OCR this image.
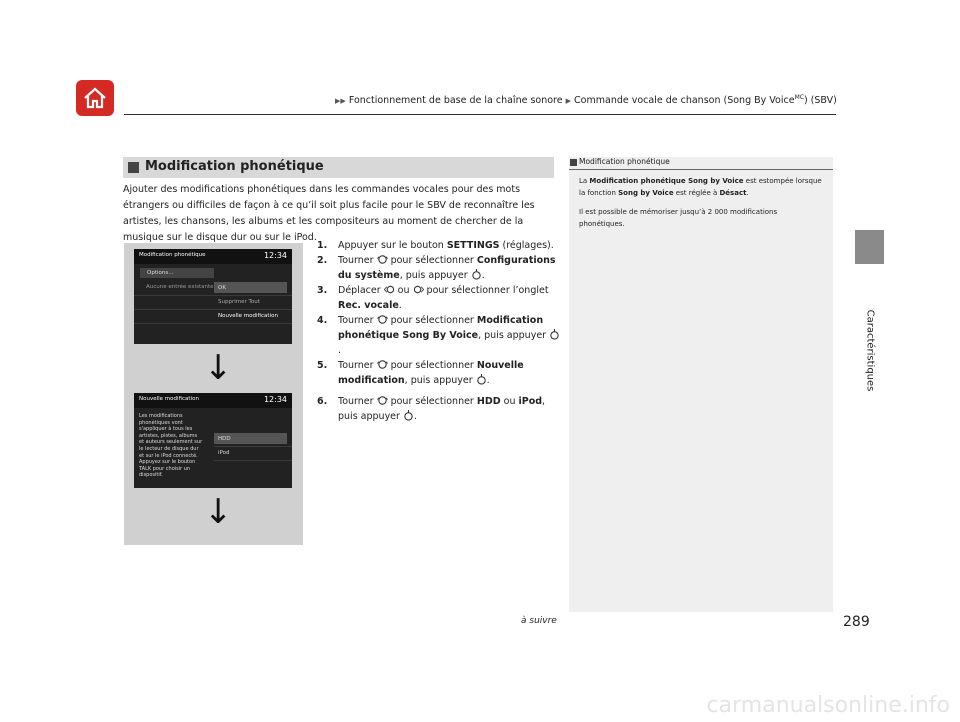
▶▶ Fonctionnement de base de la chaîne sonore ▶ Commande vocale de chanson (Song By Voice$^{MC}$) (SBV)
Caractéristiques
Modification phonétique
Ajouter des modifications phonétiques dans les commandes vocales pour des mots étrangers ou difficiles de façon à ce qu’il soit plus facile pour le SBV de reconnaître les artistes, les chansons, les albums et les compositeurs au moment de chercher de la musique sur le disque dur ou sur le iPod.
Modification phonétique	12:34
Options...
Aucune entrée existante OK
Supprimer Tout
Nouvelle modification
↓
Nouvelle modification	12:34
Les modifications
phonétiques vont
s'appliquer à tous les
artistes, pistes, albums
et auteurs seulement sur
le lecteur de disque dur
et sur le iPod connecté.
Appuyez sur le bouton
TALK pour choisir un
dispositif.
HDD
iPod
↓
1. Appuyer sur le bouton SETTINGS (réglages).
2. Tourner  pour sélectionner Configurations du système, puis appuyer .
3. Déplacer  ou  pour sélectionner l’onglet Rec. vocale.
4. Tourner  pour sélectionner Modification phonétique Song By Voice, puis appuyer .
5. Tourner  pour sélectionner Nouvelle modification, puis appuyer .
6. Tourner  pour sélectionner HDD ou iPod, puis appuyer .
Modification phonétique

La Modification phonétique Song by Voice est estompée lorsque la fonction Song by Voice est réglée à Désact.

Il est possible de mémoriser jusqu’à 2 000 modifications phonétiques.

à suivre	289
carmanualsonline.info
